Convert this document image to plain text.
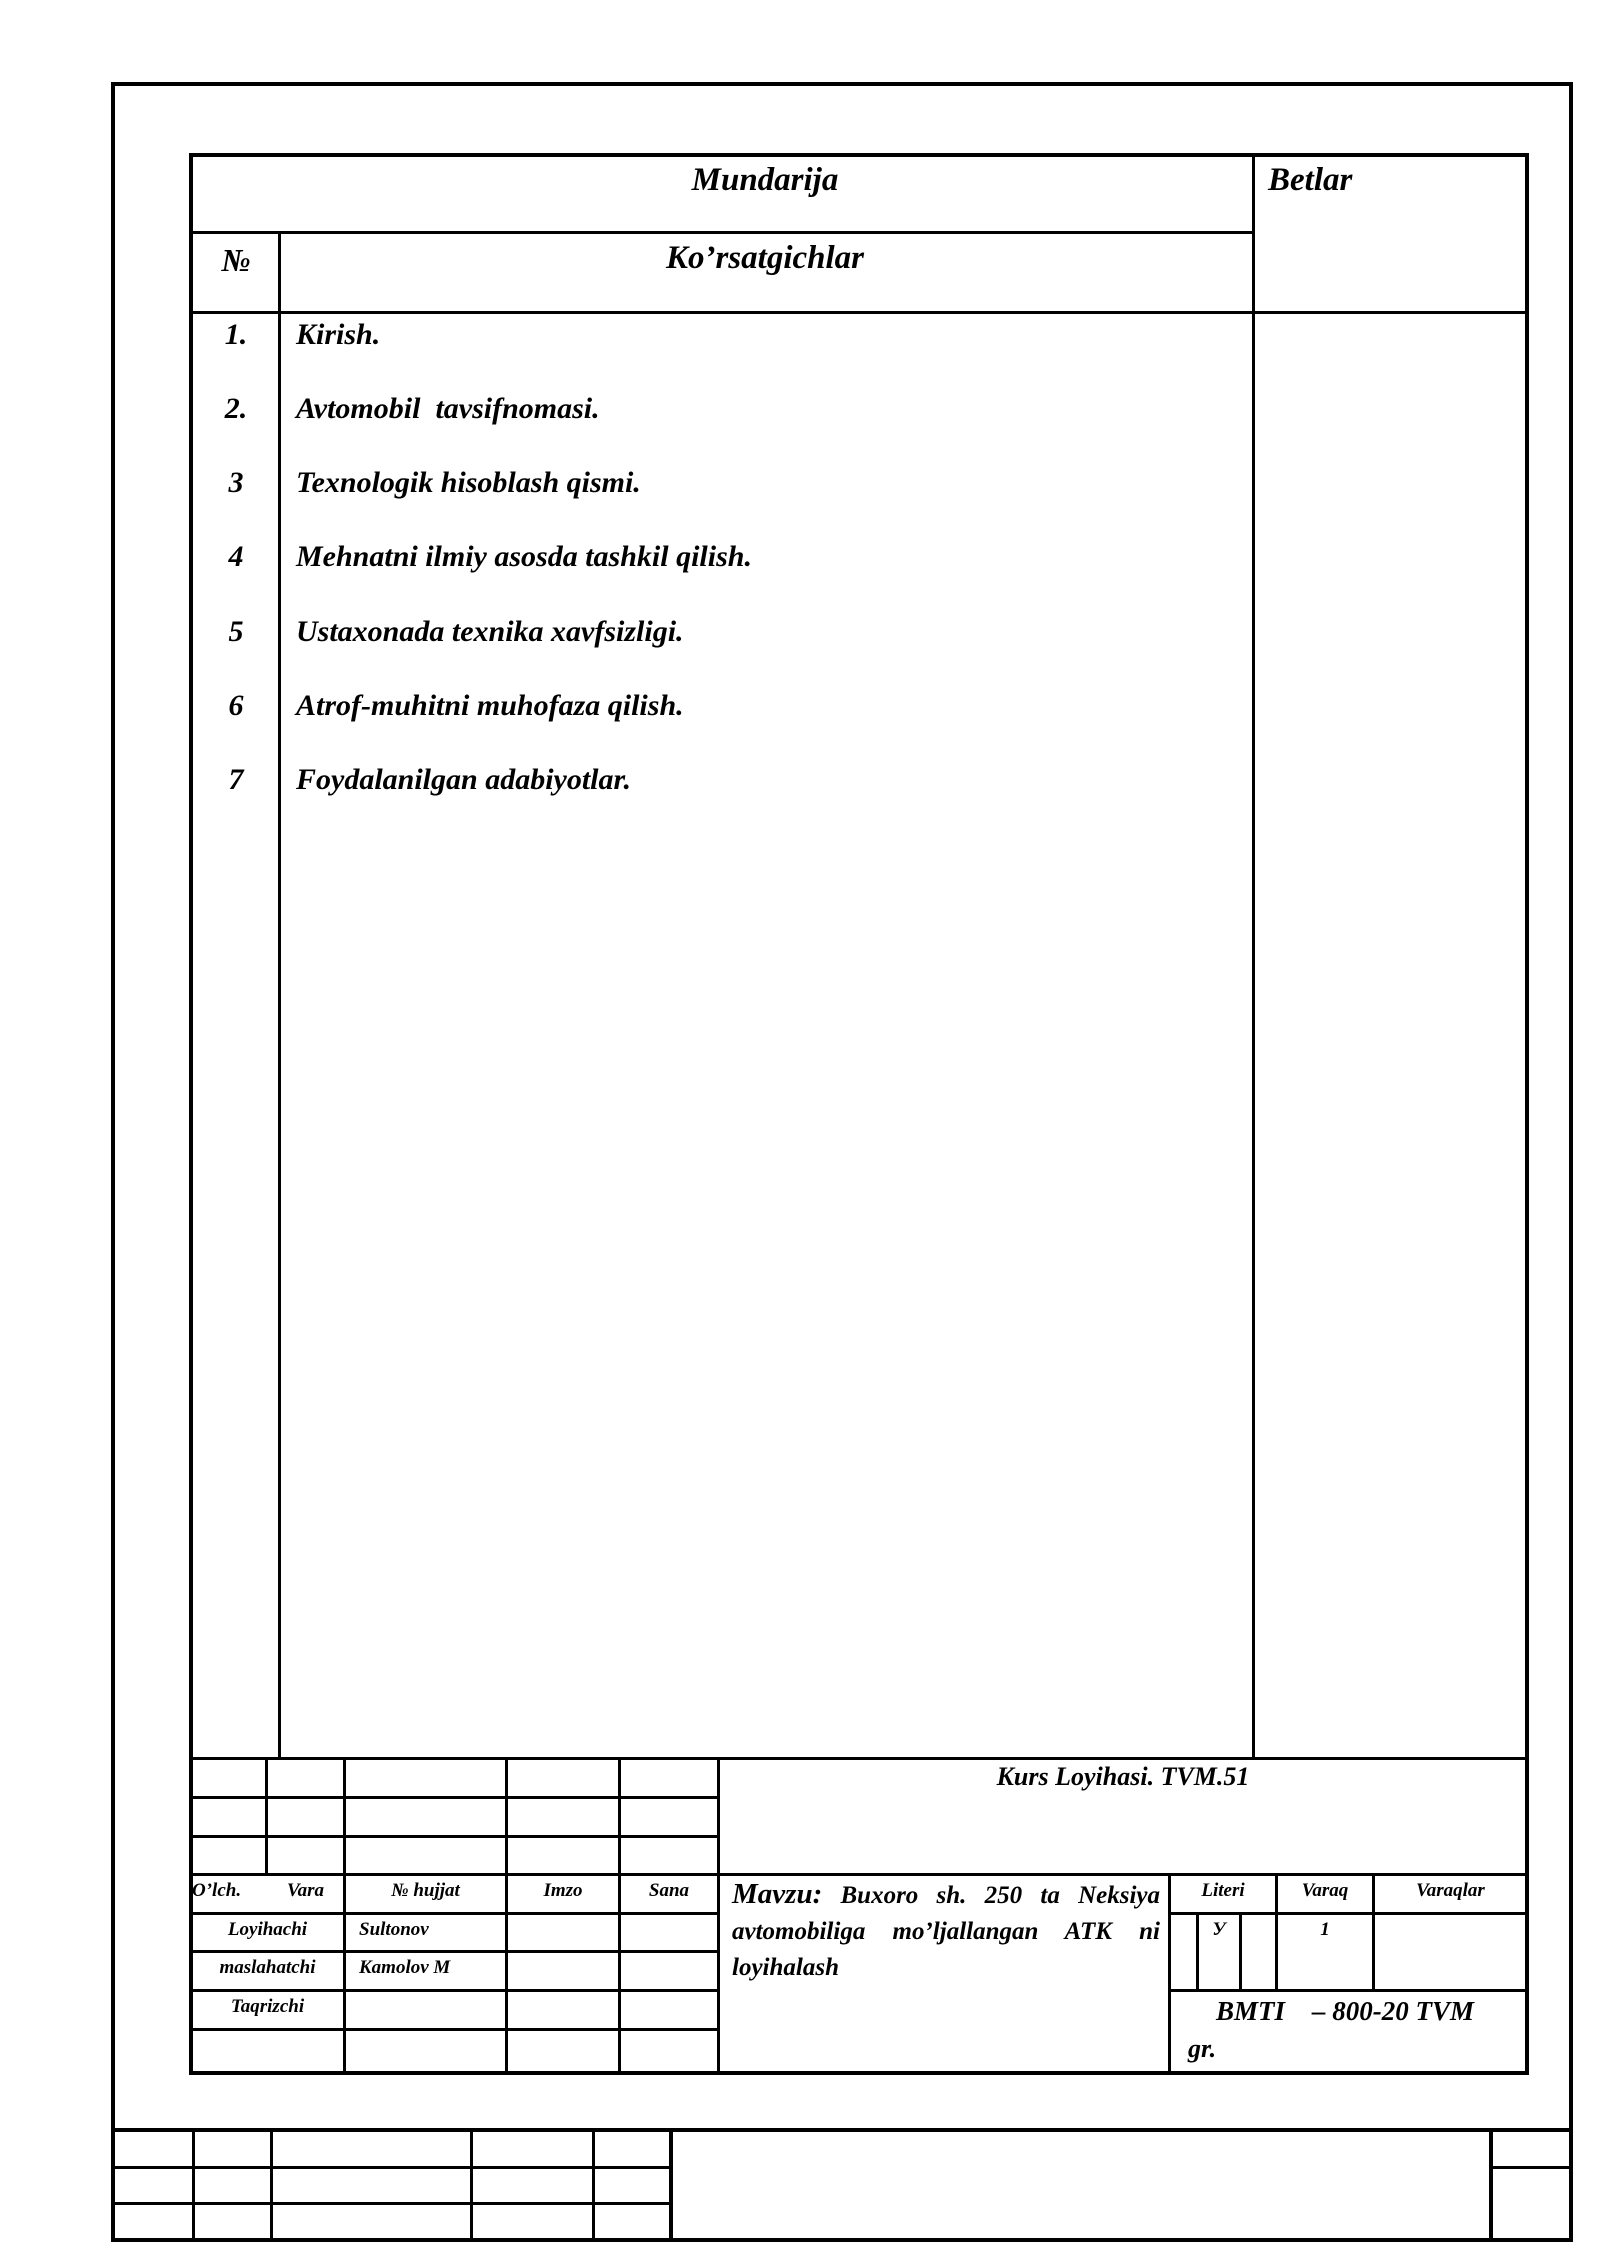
Mundarija	Betlar
№	Ko’rsatgichlar
1.	Kirish.
2.	Avtomobil  tavsifnomasi.
3	Texnologik hisoblash qismi.
4	Mehnatni ilmiy asosda tashkil qilish.
5	Ustaxonada texnika xavfsizligi.
6	Atrof-muhitni muhofaza qilish.
7	Foydalanilgan adabiyotlar.
Kurs Loyihasi. TVM.51
O’lch.	Vara	№ hujjat	Imzo	Sana
Loyihachi	Sultonov
maslahatchi	Kamolov M
Taqrizchi
Mavzu: Buxoro sh. 250 ta Neksiya avtomobiliga mo’ljallangan ATK ni loyihalash
Literi	Varaq	Varaqlar
У	1
BMTI    – 800-20 TVM
gr.
